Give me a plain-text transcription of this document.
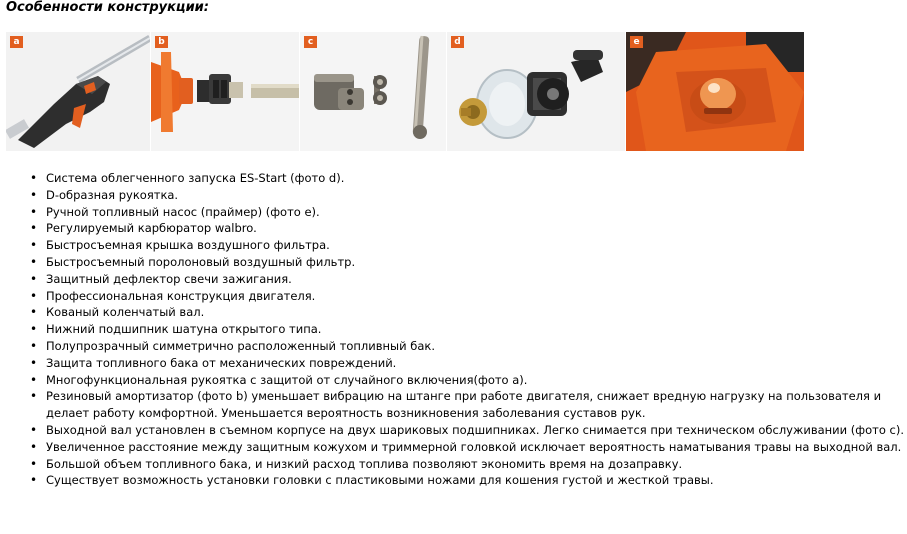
Особенности конструкции:
a	b	c	d	e
• Система облегченного запуска ES-Start (фото d).
• D-образная рукоятка.
• Ручной топливный насос (праймер) (фото е).
• Регулируемый карбюратор walbro.
• Быстросъемная крышка воздушного фильтра.
• Быстросъемный поролоновый воздушный фильтр.
• Защитный дефлектор свечи зажигания.
• Профессиональная конструкция двигателя.
• Кованый коленчатый вал.
• Нижний подшипник шатуна открытого типа.
• Полупрозрачный симметрично расположенный топливный бак.
• Защита топливного бака от механических повреждений.
• Многофункциональная рукоятка с защитой от случайного включения(фото а).
• Резиновый амортизатор (фото b) уменьшает вибрацию на штанге при работе двигателя, снижает вредную нагрузку на пользователя и делает работу комфортной. Уменьшается вероятность возникновения заболевания суставов рук.
• Выходной вал установлен в съемном корпусе на двух шариковых подшипниках. Легко снимается при техническом обслуживании (фото с).
• Увеличенное расстояние между защитным кожухом и триммерной головкой исключает вероятность наматывания травы на выходной вал.
• Большой объем топливного бака, и низкий расход топлива позволяют экономить время на дозаправку.
• Существует возможность установки головки с пластиковыми ножами для кошения густой и жесткой травы.
